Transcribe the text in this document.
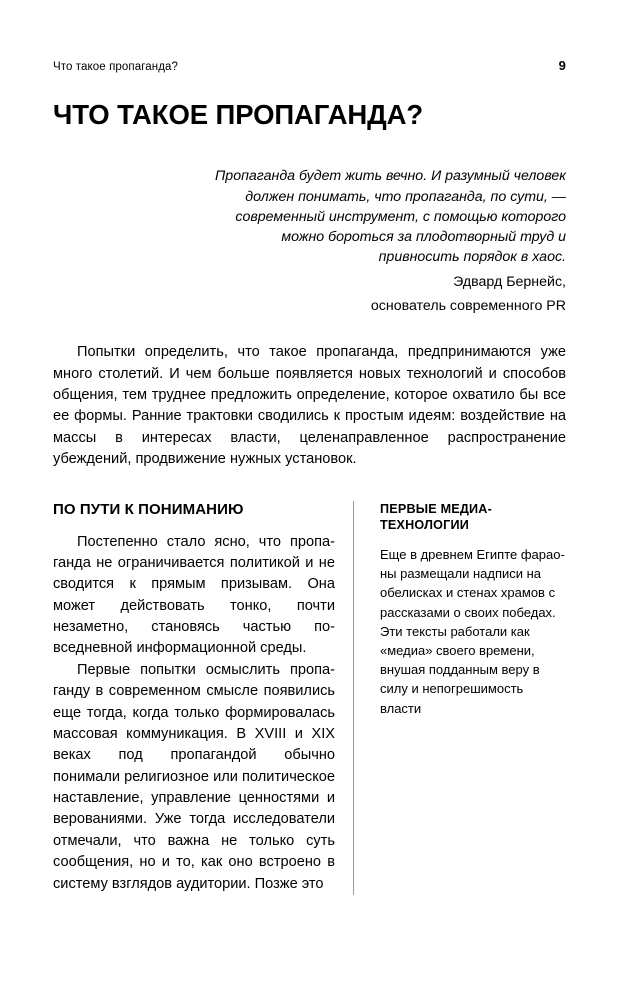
Что такое пропаганда?	9
ЧТО ТАКОЕ ПРОПАГАНДА?

Пропаганда будет жить вечно. И разумный человек должен понимать, что пропаганда, по сути, — современный инструмент, с помощью которого можно бороться за плодотворный труд и привносить порядок в хаос.

Эдвард Бернейс,

основатель современного PR

Попытки определить, что такое пропаганда, предпринимаются уже много столетий. И чем больше появляется новых технологий и способов общения, тем труднее предложить определение, которое охватило бы все ее формы. Ранние трактовки сводились к простым идеям: воздействие на массы в интересах власти, целенаправленное распространение убеждений, продвижение нужных установок.

ПО ПУТИ К ПОНИМАНИЮ

Постепенно стало ясно, что пропаганда не ограничивается политикой и не сводится к прямым призывам. Она может действовать тонко, почти незаметно, становясь частью повседневной информационной среды.

Первые попытки осмыслить пропаганду в современном смысле появились еще тогда, когда только формировалась массовая коммуникация. В XVIII и XIX веках под пропагандой обычно понимали религиозное или политическое наставление, управление ценностями и верованиями. Уже тогда исследователи отмечали, что важна не только суть сообщения, но и то, как оно встроено в систему взглядов аудитории. Позже это

ПЕРВЫЕ МЕДИАТЕХНОЛОГИИ

Еще в древнем Египте фараоны размещали надписи на обелисках и стенах храмов с рассказами о своих победах. Эти тексты работали как «медиа» своего времени, внушая подданным веру в силу и непогрешимость власти
